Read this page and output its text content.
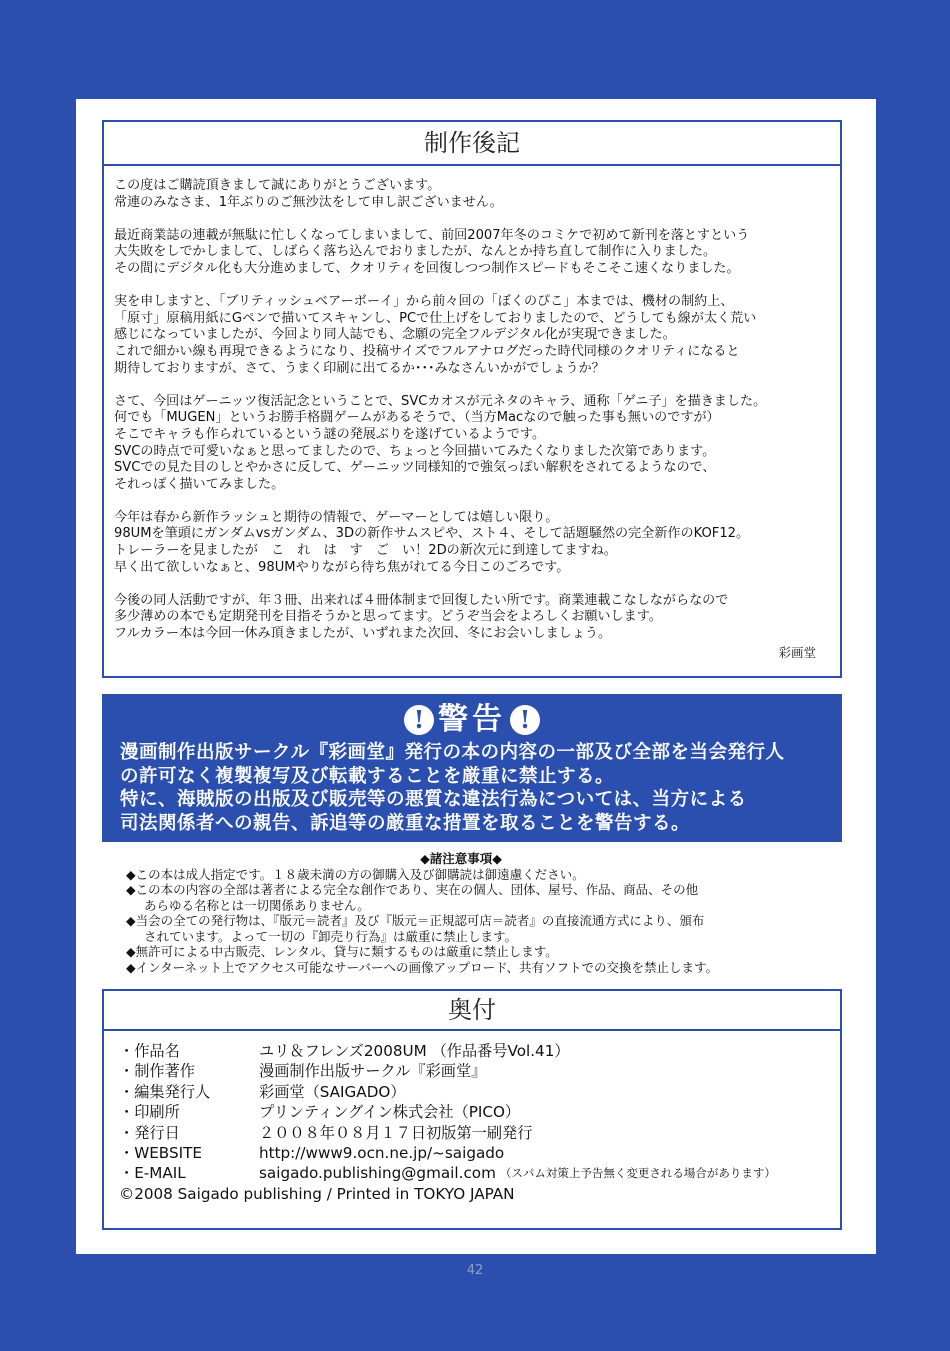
制作後記

この度はご購読頂きまして誠にありがとうございます。
常連のみなさま、1年ぶりのご無沙汰をして申し訳ございません。

最近商業誌の連載が無駄に忙しくなってしまいまして、前回2007年冬のコミケで初めて新刊を落とすという
大失敗をしでかしまして、しばらく落ち込んでおりましたが、なんとか持ち直して制作に入りました。
その間にデジタル化も大分進めまして、クオリティを回復しつつ制作スピードもそこそこ速くなりました。

実を申しますと、「ブリティッシュベアーボーイ」から前々回の「ぼくのぴこ」本までは、機材の制約上、
「原寸」原稿用紙にGペンで描いてスキャンし、PCで仕上げをしておりましたので、どうしても線が太く荒い
感じになっていましたが、今回より同人誌でも、念願の完全フルデジタル化が実現できました。
これで細かい線も再現できるようになり、投稿サイズでフルアナログだった時代同様のクオリティになると
期待しておりますが、さて、うまく印刷に出てるか･･･みなさんいかがでしょうか？

さて、今回はゲーニッツ復活記念ということで、SVCカオスが元ネタのキャラ、通称「ゲニ子」を描きました。
何でも「MUGEN」というお勝手格闘ゲームがあるそうで、（当方Macなので触った事も無いのですが）
そこでキャラも作られているという謎の発展ぶりを遂げているようです。
SVCの時点で可愛いなぁと思ってましたので、ちょっと今回描いてみたくなりました次第であります。
SVCでの見た目のしとやかさに反して、ゲーニッツ同様知的で強気っぽい解釈をされてるようなので、
それっぽく描いてみました。

今年は春から新作ラッシュと期待の情報で、ゲーマーとしては嬉しい限り。
98UMを筆頭にガンダムvsガンダム、3Dの新作サムスピや、スト４、そして話題騒然の完全新作のKOF12。
トレーラーを見ましたが　こ　れ　は　す　ご　い！2Dの新次元に到達してますね。
早く出て欲しいなぁと、98UMやりながら待ち焦がれてる今日このごろです。

今後の同人活動ですが、年３冊、出来れば４冊体制まで回復したい所です。商業連載こなしながらなので
多少薄めの本でも定期発刊を目指そうかと思ってます。どうぞ当会をよろしくお願いします。
フルカラー本は今回一休み頂きましたが、いずれまた次回、冬にお会いしましょう。

彩画堂
! 警告 !
漫画制作出版サークル『彩画堂』発行の本の内容の一部及び全部を当会発行人
の許可なく複製複写及び転載することを厳重に禁止する。
特に、海賊版の出版及び販売等の悪質な違法行為については、当方による
司法関係者への親告、訴追等の厳重な措置を取ることを警告する。
◆諸注意事項◆
◆この本は成人指定です。１８歳未満の方の御購入及び御購読は御遠慮ください。
◆この本の内容の全部は著者による完全な創作であり、実在の個人、団体、屋号、作品、商品、その他
あらゆる名称とは一切関係ありません。
◆当会の全ての発行物は、『版元＝読者』及び『版元＝正規認可店＝読者』の直接流通方式により、頒布
されています。よって一切の『卸売り行為』は厳重に禁止します。
◆無許可による中古販売、レンタル、貸与に類するものは厳重に禁止します。
◆インターネット上でアクセス可能なサーバーへの画像アップロード、共有ソフトでの交換を禁止します。
奥付
・作品名	ユリ＆フレンズ2008UM （作品番号Vol.41）
・制作著作	漫画制作出版サークル『彩画堂』
・編集発行人	彩画堂（SAIGADO）
・印刷所	プリンティングイン株式会社（PICO）
・発行日	２００８年０８月１７日初版第一刷発行
・WEBSITE	http://www9.ocn.ne.jp/~saigado
・E-MAIL	saigado.publishing@gmail.com （スパム対策上予告無く変更される場合があります）
©2008 Saigado publishing / Printed in TOKYO JAPAN
42
